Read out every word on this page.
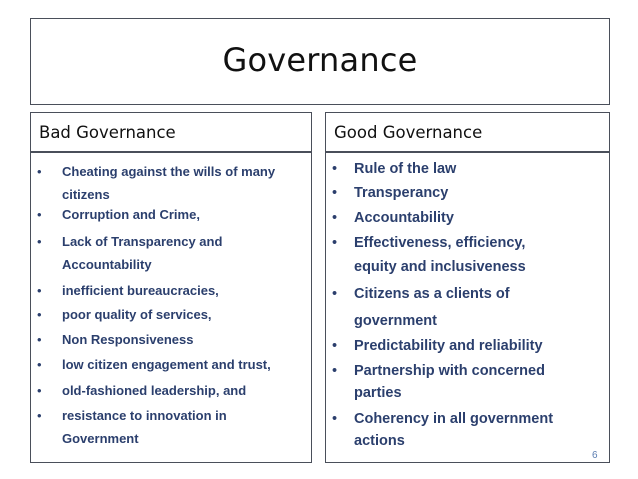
Governance
Bad Governance	Good Governance
• Cheating against the wills of many
citizens
• Corruption and Crime,
• Lack of Transparency and
Accountability
• inefficient bureaucracies,
• poor quality of services,
• Non Responsiveness
• low citizen engagement and trust,
• old-fashioned leadership, and
• resistance to innovation in
Government
• Rule of the law
• Transperancy
• Accountability
• Effectiveness, efficiency,
equity and inclusiveness
• Citizens as a clients of
government
• Predictability and reliability
• Partnership with concerned
parties
• Coherency in all government
actions
6
